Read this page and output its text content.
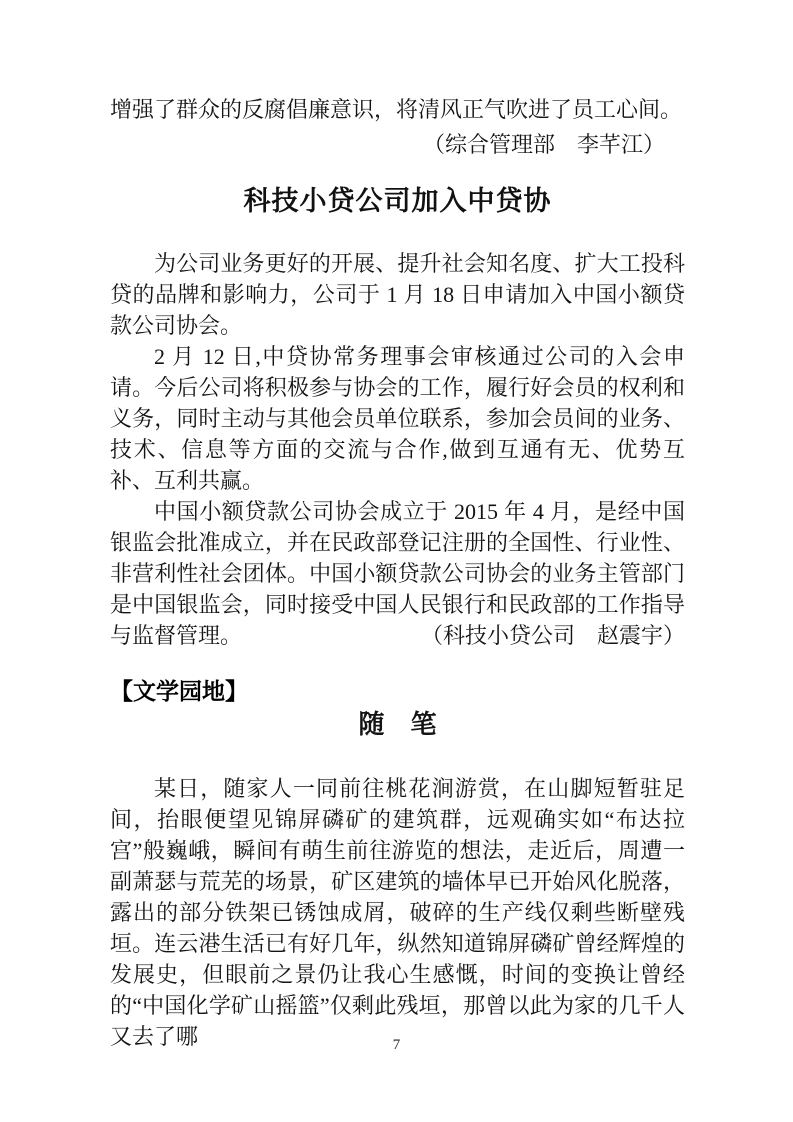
增强了群众的反腐倡廉意识，将清风正气吹进了员工心间。

（综合管理部　李芊江）

科技小贷公司加入中贷协

为公司业务更好的开展、提升社会知名度、扩大工投科贷的品牌和影响力，公司于 1 月 18 日申请加入中国小额贷款公司协会。

2 月 12 日,中贷协常务理事会审核通过公司的入会申请。今后公司将积极参与协会的工作，履行好会员的权利和义务，同时主动与其他会员单位联系，参加会员间的业务、技术、信息等方面的交流与合作,做到互通有无、优势互补、互利共赢。

中国小额贷款公司协会成立于 2015 年 4 月，是经中国银监会批准成立，并在民政部登记注册的全国性、行业性、非营利性社会团体。中国小额贷款公司协会的业务主管部门是中国银监会，同时接受中国人民银行和民政部的工作指导与监督管理。	（科技小贷公司　赵震宇）

【文学园地】
随　笔

某日，随家人一同前往桃花涧游赏，在山脚短暂驻足间，抬眼便望见锦屏磷矿的建筑群，远观确实如“布达拉宫”般巍峨，瞬间有萌生前往游览的想法，走近后，周遭一副萧瑟与荒芜的场景，矿区建筑的墙体早已开始风化脱落，露出的部分铁架已锈蚀成屑，破碎的生产线仅剩些断壁残垣。连云港生活已有好几年，纵然知道锦屏磷矿曾经辉煌的发展史，但眼前之景仍让我心生感慨，时间的变换让曾经的“中国化学矿山摇篮”仅剩此残垣，那曾以此为家的几千人又去了哪	7
